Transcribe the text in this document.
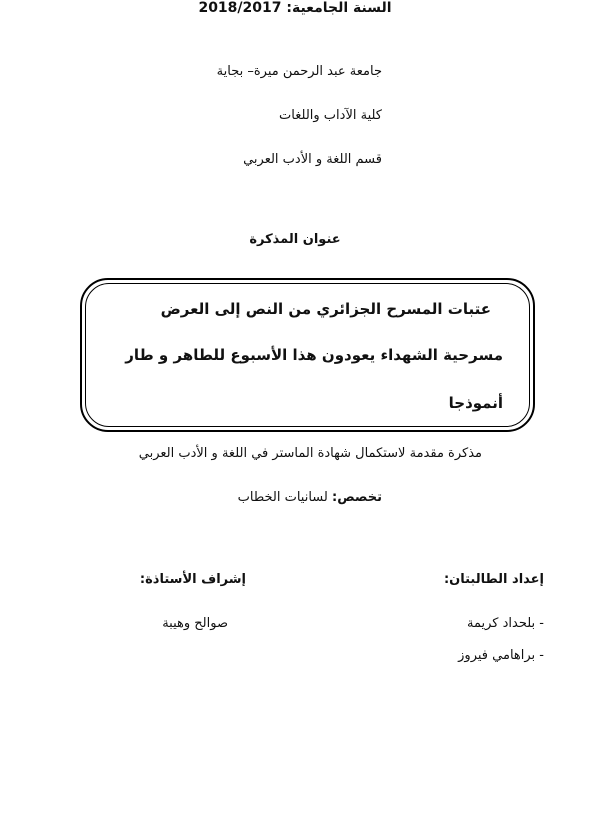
جامعة عبد الرحمن ميرة– بجاية
كلية الآداب واللغات
قسم اللغة و الأدب العربي
عنوان المذكرة
عتبات المسرح الجزائري من النص إلى العرض
مسرحية الشهداء يعودون هذا الأسبوع للطاهر و طار
أنموذجا
مذكرة مقدمة لاستكمال شهادة الماستر في اللغة و الأدب العربي
تخصص: لسانيات الخطاب
إعداد الطالبتان:
إشراف الأستاذة:
- بلحداد كريمة
- براهامي فيروز
صوالح وهيبة
السنة الجامعية: 2018/2017
